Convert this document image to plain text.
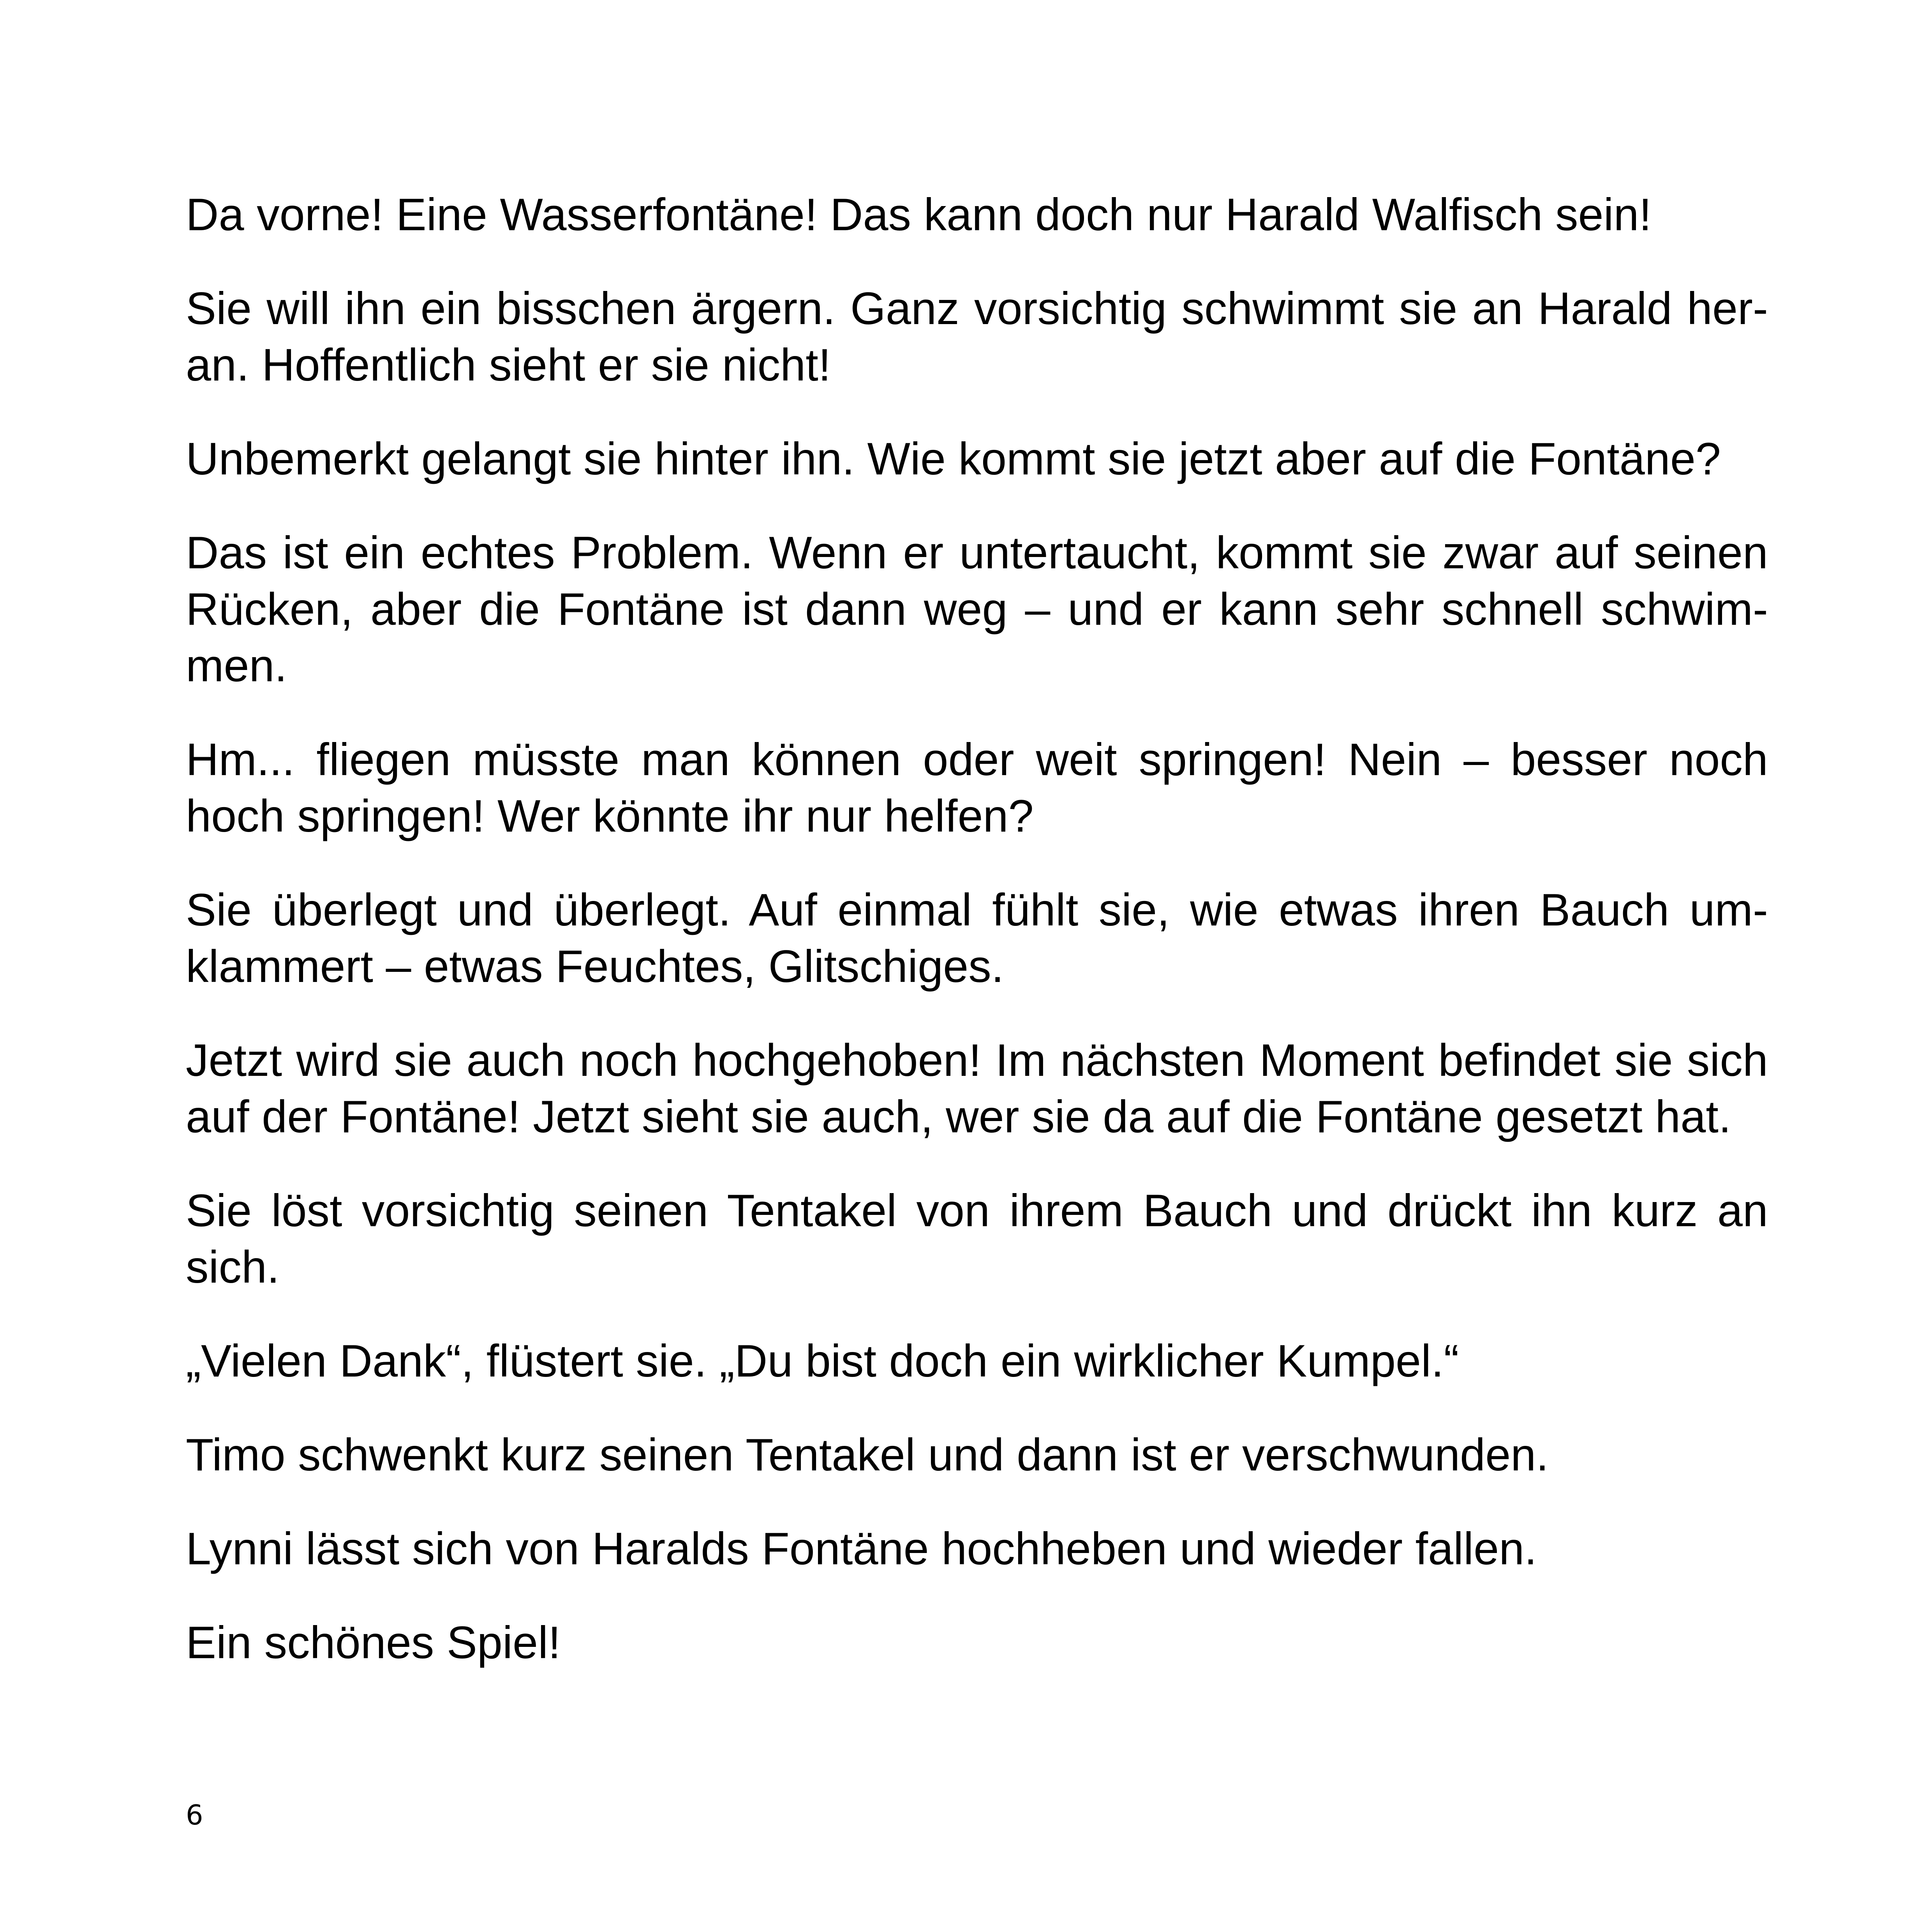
Da vorne! Eine Wasserfontäne! Das kann doch nur Harald Walfisch sein!

Sie will ihn ein bisschen ärgern. Ganz vorsichtig schwimmt sie an Harald heran. Hoffentlich sieht er sie nicht!

Unbemerkt gelangt sie hinter ihn. Wie kommt sie jetzt aber auf die Fontäne?

Das ist ein echtes Problem. Wenn er untertaucht, kommt sie zwar auf seinen Rücken, aber die Fontäne ist dann weg – und er kann sehr schnell schwimmen.

Hm... fliegen müsste man können oder weit springen! Nein – besser noch hoch springen! Wer könnte ihr nur helfen?

Sie überlegt und überlegt. Auf einmal fühlt sie, wie etwas ihren Bauch umklammert – etwas Feuchtes, Glitschiges.

Jetzt wird sie auch noch hochgehoben! Im nächsten Moment befindet sie sich auf der Fontäne! Jetzt sieht sie auch, wer sie da auf die Fontäne gesetzt hat.

Sie löst vorsichtig seinen Tentakel von ihrem Bauch und drückt ihn kurz an sich.

„Vielen Dank“, flüstert sie. „Du bist doch ein wirklicher Kumpel.“

Timo schwenkt kurz seinen Tentakel und dann ist er verschwunden.

Lynni lässt sich von Haralds Fontäne hochheben und wieder fallen.

Ein schönes Spiel!

6
